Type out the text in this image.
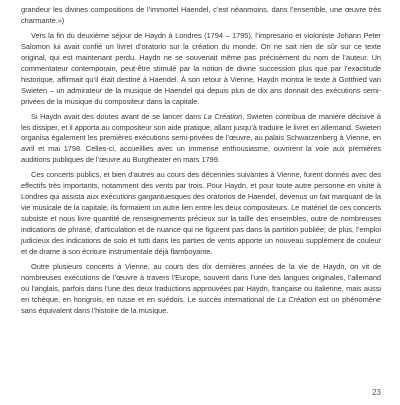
grandeur les divines compositions de l’immortel Haendel, c’est néanmoins, dans l’ensemble, une œuvre très charmante.»)

Vers la fin du deuxième séjour de Haydn à Londres (1794 – 1795), l’impresario et violoniste Johann Peter Salomon lui avait confié un livret d’oratorio sur la création du monde. On ne sait rien de sûr sur ce texte original, qui est maintenant perdu. Haydn ne se souvenait même pas précisément du nom de l’auteur. Un commentateur contemporain, peut-être stimulé par la notion de divine succession plus que par l’exactitude historique, affirmait qu’il était destiné à Haendel. À son retour à Vienne, Haydn montra le texte à Gottfried van Swieten – un admirateur de la musique de Haendel qui depuis plus de dix ans donnait des exécutions semi-privées de la musique du compositeur dans la capitale.

Si Haydn avait des doutes avant de se lancer dans La Création, Swieten contribua de manière décisive à les dissiper, et il apporta au compositeur son aide pratique, allant jusqu’à traduire le livret en allemand. Swieten organisa également les premières exécutions semi-privées de l’œuvre, au palais Schwarzenberg à Vienne, en avril et mai 1798. Celles-ci, accueillies avec un immense enthousiasme, ouvrirent la voie aux premières auditions publiques de l’œuvre au Burgtheater en mars 1799.

Ces concerts publics, et bien d’autres au cours des décennies suivantes à Vienne, furent donnés avec des effectifs très importants, notamment des vents par trois. Pour Haydn, et pour toute autre personne en visite à Londres qui assista aux exécutions gargantuesques des oratorios de Haendel, devenus un fait marquant de la vie musicale de la capitale, ils formaient un autre lien entre les deux compositeurs. Le matériel de ces concerts subsiste et nous livre quantité de renseignements précieux sur la taille des ensembles, outre de nombreuses indications de phrasé, d’articulation et de nuance qui ne figurent pas dans la partition publiée; de plus, l’emploi judicieux des indications de solo et tutti dans les parties de vents apporte un nouveau supplément de couleur et de drame à son écriture instrumentale déjà flamboyante.

Outre plusieurs concerts à Vienne, au cours des dix dernières années de la vie de Haydn, on vit de nombreuses exécutions de l’œuvre à travers l’Europe, souvent dans l’une des langues originales, l’allemand ou l’anglais, parfois dans l’une des deux traductions approuvées par Haydn, française ou italienne, mais aussi en tchèque, en hongrois, en russe et en suédois. Le succès international de La Création est un phénomène sans équivalent dans l’histoire de la musique.

23
